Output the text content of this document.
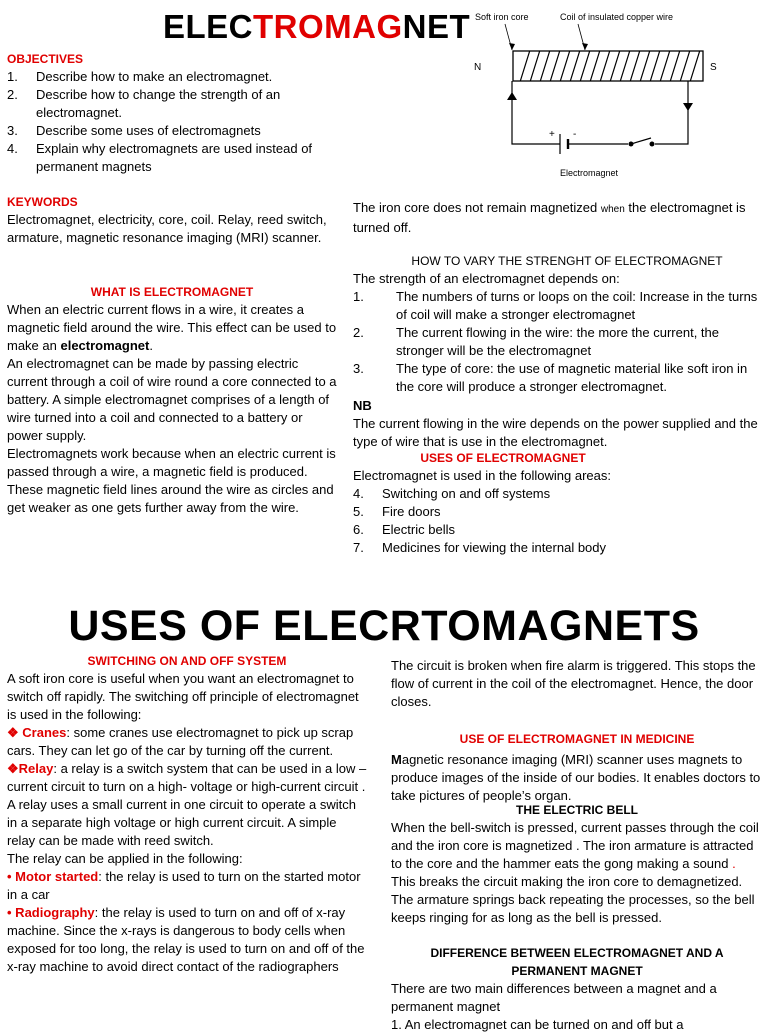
ELECTROMAGNET

OBJECTIVES

1.	Describe how to make an electromagnet.
2.	Describe how to change the strength of an electromagnet.
3.	Describe some uses of electromagnets
4.	Explain why electromagnets are used instead of permanent magnets

KEYWORDS

Electromagnet, electricity, core, coil. Relay, reed switch, armature, magnetic resonance imaging (MRI) scanner.

WHAT IS ELECTROMAGNET

When an electric current flows in a wire, it creates a magnetic field around the wire. This effect can be used to make an electromagnet.

An electromagnet can be made by passing electric current through a coil of wire round a core connected to a battery. A simple electromagnet comprises of a length of wire turned into a coil and connected to a battery or power supply.

Electromagnets work because when an electric current is passed through a wire, a magnetic field is produced. These magnetic field lines around the wire as circles and get weaker as one gets further away from the wire.

Soft iron core	Coil of insulated copper wire
N	S
+ -
Electromagnet

The iron core does not remain magnetized when the electromagnet is turned off.

HOW TO VARY THE STRENGHT OF ELECTROMAGNET

The strength of an electromagnet depends on:

1.	The numbers of turns or loops on the coil: Increase in the turns of coil will make a stronger electromagnet
2.	The current flowing in the wire: the more the current, the stronger will be the electromagnet
3.	The type of core: the use of magnetic material like soft iron in the core will produce a stronger electromagnet.

NB

The current flowing in the wire depends on the power supplied and the type of wire that is use in the electromagnet.

USES OF ELECTROMAGNET

Electromagnet is used in the following areas:

4.	Switching on and off systems
5.	Fire doors
6.	Electric bells
7.	Medicines for viewing the internal body
USES OF ELECRTOMAGNETS

SWITCHING ON AND OFF SYSTEM

A soft iron core is useful when you want an electromagnet to switch off rapidly. The switching off principle of electromagnet is used in the following:

❖ Cranes: some cranes use electromagnet to pick up scrap cars. They can let go of the car by turning off the current.

❖Relay: a relay is a switch system that can be used in a low –current circuit to turn on a high- voltage or high-current circuit . A relay uses a small current in one circuit to operate a switch in a separate high voltage or high current circuit. A simple relay can be made with reed switch.

The relay can be applied in the following:

• Motor started: the relay is used to turn on the started motor in a car

• Radiography: the relay is used to turn on and off of x-ray machine. Since the x-rays is dangerous to body cells when exposed for too long, the relay is used to turn on and off of the x-ray machine to avoid direct contact of the radiographers

The circuit is broken when fire alarm is triggered. This stops the flow of current in the coil of the electromagnet. Hence, the door closes.

USE OF ELECTROMAGNET IN MEDICINE

Magnetic resonance imaging (MRI) scanner uses magnets to produce images of the inside of our bodies. It enables doctors to take pictures of people’s organ.

THE ELECTRIC BELL

When the bell-switch is pressed, current passes through the coil and the iron core is magnetized . The iron armature is attracted to the core and the hammer eats the gong making a sound . This breaks the circuit making the iron core to demagnetized. The armature springs back repeating the processes, so the bell keeps ringing for as long as the bell is pressed.

DIFFERENCE BETWEEN ELECTROMAGNET AND A

PERMANENT MAGNET

There are two main differences between a magnet and a permanent magnet

1. An electromagnet can be turned on and off but a
